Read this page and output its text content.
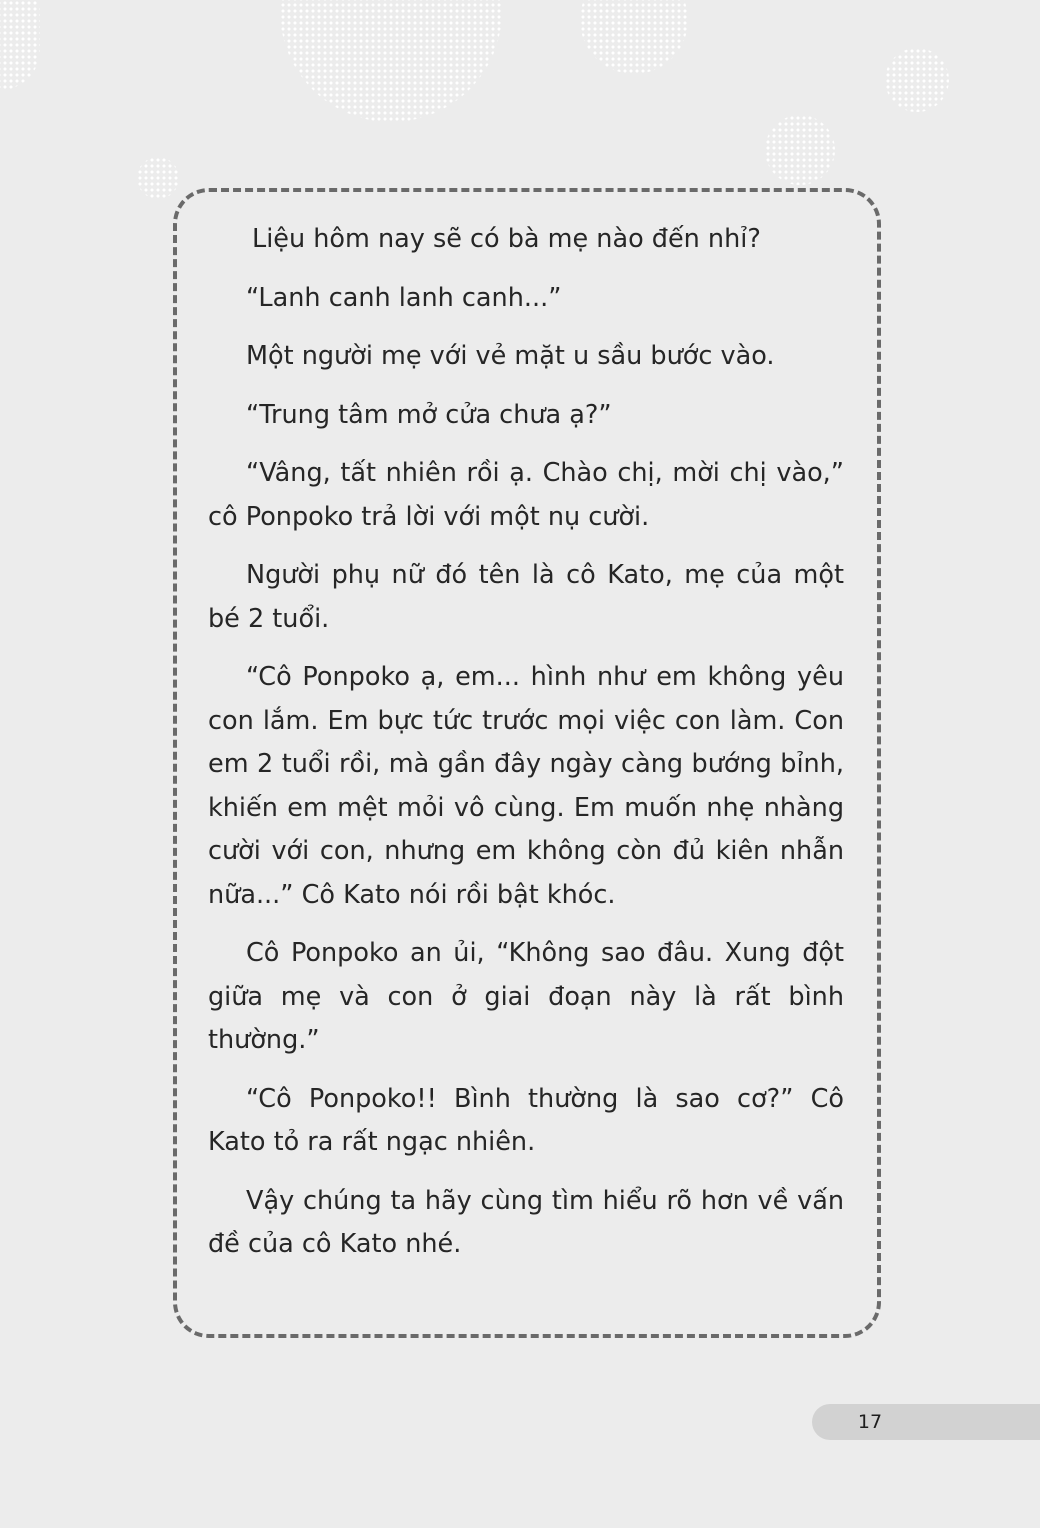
Liệu hôm nay sẽ có bà mẹ nào đến nhỉ?

“Lanh canh lanh canh...”

Một người mẹ với vẻ mặt u sầu bước vào.

“Trung tâm mở cửa chưa ạ?”

“Vâng, tất nhiên rồi ạ. Chào chị, mời chị vào,” cô Ponpoko trả lời với một nụ cười.

Người phụ nữ đó tên là cô Kato, mẹ của một bé 2 tuổi.

“Cô Ponpoko ạ, em... hình như em không yêu con lắm. Em bực tức trước mọi việc con làm. Con em 2 tuổi rồi, mà gần đây ngày càng bướng bỉnh, khiến em mệt mỏi vô cùng. Em muốn nhẹ nhàng cười với con, nhưng em không còn đủ kiên nhẫn nữa...” Cô Kato nói rồi bật khóc.

Cô Ponpoko an ủi, “Không sao đâu. Xung đột giữa mẹ và con ở giai đoạn này là rất bình thường.”

“Cô Ponpoko!! Bình thường là sao cơ?” Cô Kato tỏ ra rất ngạc nhiên.

Vậy chúng ta hãy cùng tìm hiểu rõ hơn về vấn đề của cô Kato nhé.

17
